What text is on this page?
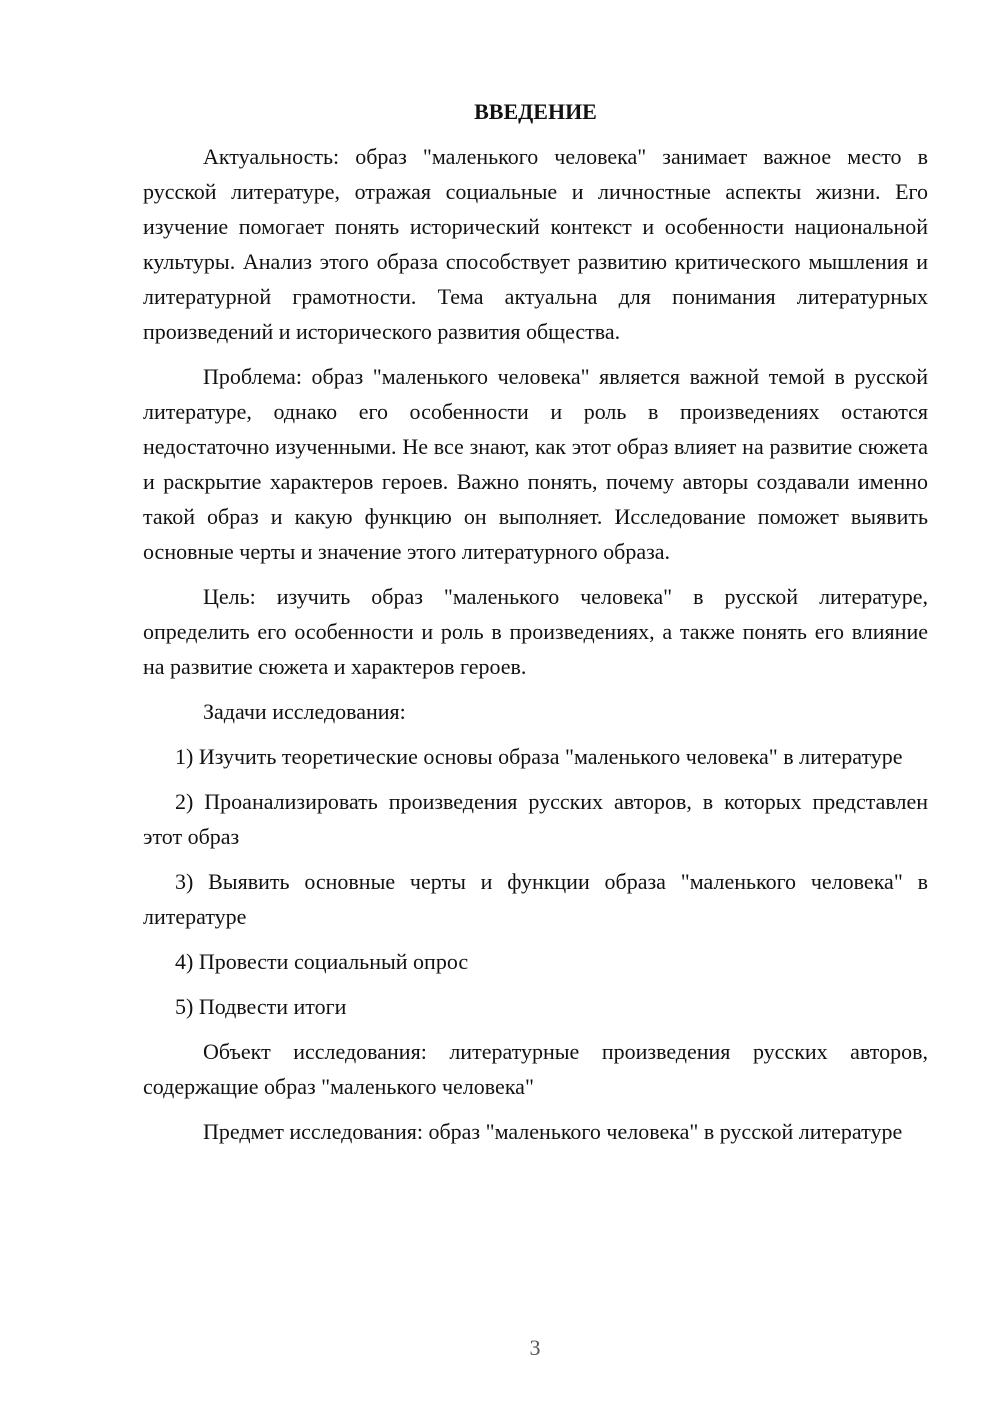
ВВЕДЕНИЕ

Актуальность: образ "маленького человека" занимает важное место в русской литературе, отражая социальные и личностные аспекты жизни. Его изучение помогает понять исторический контекст и особенности национальной культуры. Анализ этого образа способствует развитию критического мышления и литературной грамотности. Тема актуальна для понимания литературных произведений и исторического развития общества.

Проблема: образ "маленького человека" является важной темой в русской литературе, однако его особенности и роль в произведениях остаются недостаточно изученными. Не все знают, как этот образ влияет на развитие сюжета и раскрытие характеров героев. Важно понять, почему авторы создавали именно такой образ и какую функцию он выполняет. Исследование поможет выявить основные черты и значение этого литературного образа.

Цель: изучить образ "маленького человека" в русской литературе, определить его особенности и роль в произведениях, а также понять его влияние на развитие сюжета и характеров героев.

Задачи исследования:

1) Изучить теоретические основы образа "маленького человека" в литературе

2) Проанализировать произведения русских авторов, в которых представлен этот образ

3) Выявить основные черты и функции образа "маленького человека" в литературе

4) Провести социальный опрос

5) Подвести итоги

Объект исследования: литературные произведения русских авторов, содержащие образ "маленького человека"

Предмет исследования: образ "маленького человека" в русской литературе

3
